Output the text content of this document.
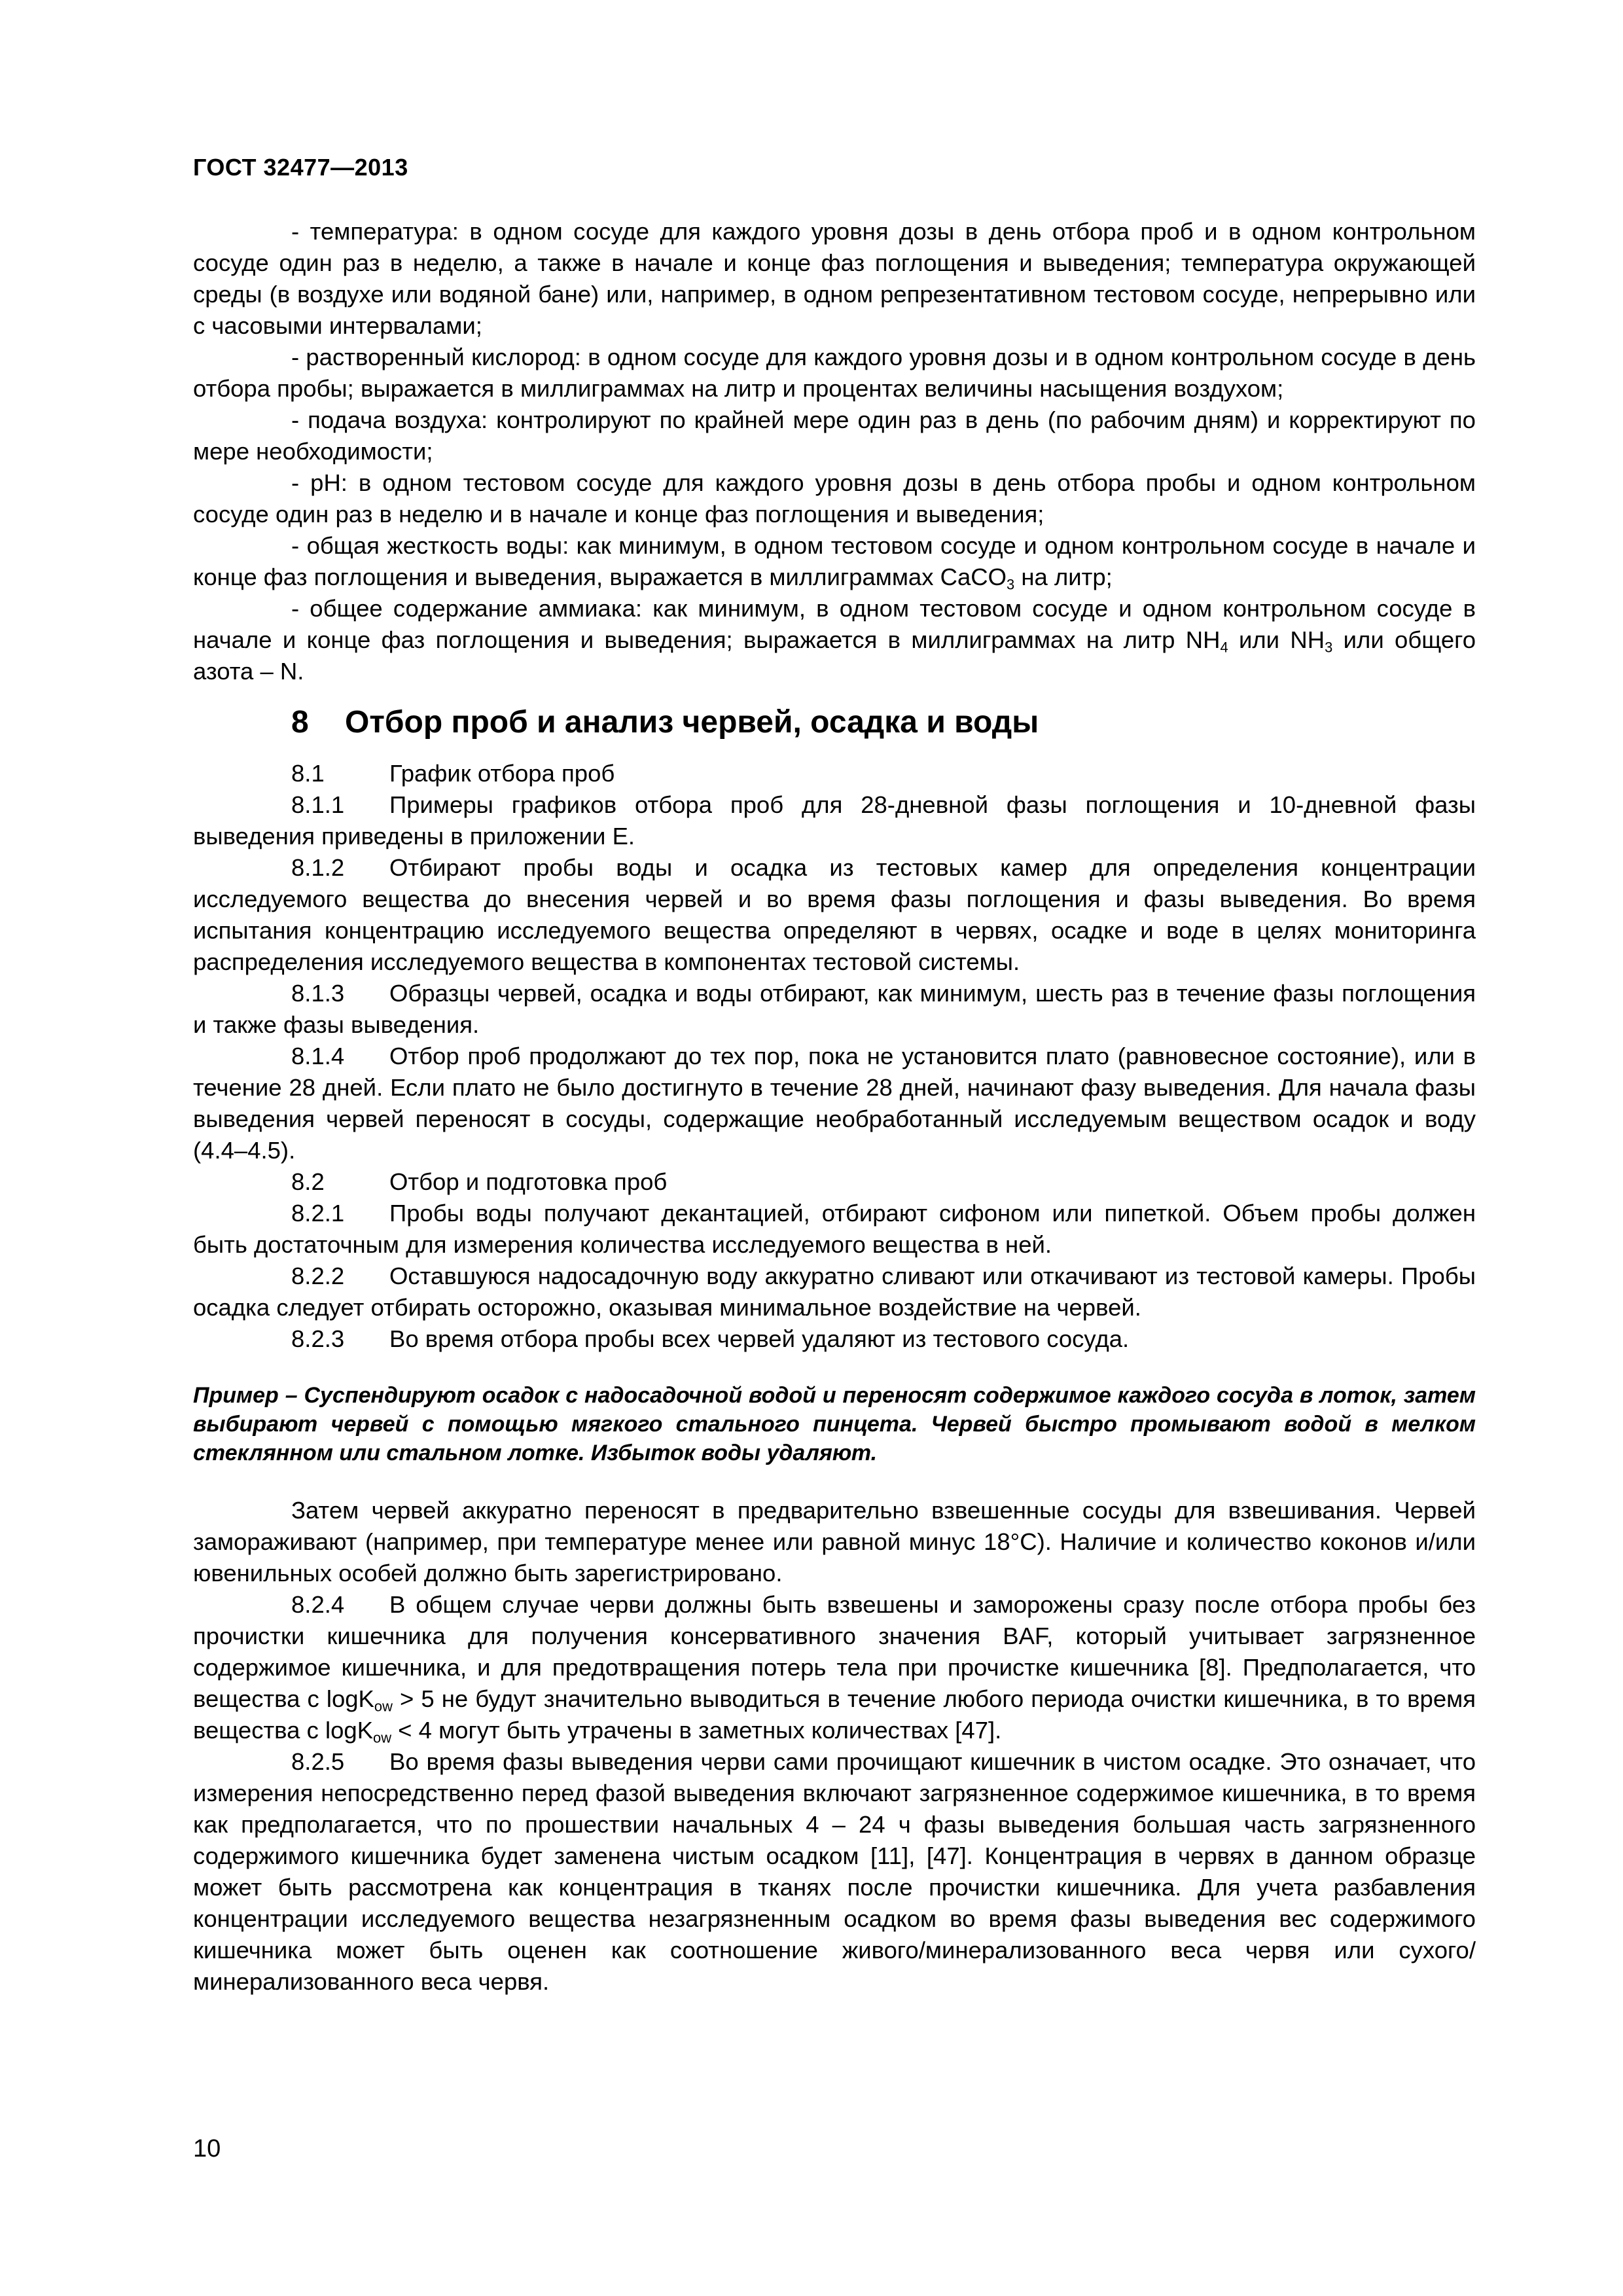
ГОСТ 32477—2013

- температура: в одном сосуде для каждого уровня дозы в день отбора проб и в одном контрольном сосуде один раз в неделю, а также в начале и конце фаз поглощения и выведения; температура окружающей среды (в воздухе или водяной бане) или, например, в одном репрезентативном тестовом сосуде, непрерывно или с часовыми интервалами;

- растворенный кислород: в одном сосуде для каждого уровня дозы и в одном контрольном сосуде в день отбора пробы; выражается в миллиграммах на литр и процентах величины насыщения воздухом;

- подача воздуха: контролируют по крайней мере один раз в день (по рабочим дням) и корректируют по мере необходимости;

- pH: в одном тестовом сосуде для каждого уровня дозы в день отбора пробы и одном контрольном сосуде один раз в неделю и в начале и конце фаз поглощения и выведения;

- общая жесткость воды: как минимум, в одном тестовом сосуде и одном контрольном сосуде в начале и конце фаз поглощения и выведения, выражается в миллиграммах CaCO$_3$ на литр;

- общее содержание аммиака: как минимум, в одном тестовом сосуде и одном контрольном сосуде в начале и конце фаз поглощения и выведения; выражается в миллиграммах на литр $NH_4$ или $NH_3$ или общего азота – N.

8 Отбор проб и анализ червей, осадка и воды

8.1	График отбора проб

8.1.1 Примеры графиков отбора проб для 28-дневной фазы поглощения и 10-дневной фазы выведения приведены в приложении Е.

8.1.2 Отбирают пробы воды и осадка из тестовых камер для определения концентрации исследуемого вещества до внесения червей и во время фазы поглощения и фазы выведения. Во время испытания концентрацию исследуемого вещества определяют в червях, осадке и воде в целях мониторинга распределения исследуемого вещества в компонентах тестовой системы.

8.1.3 Образцы червей, осадка и воды отбирают, как минимум, шесть раз в течение фазы поглощения и также фазы выведения.

8.1.4 Отбор проб продолжают до тех пор, пока не установится плато (равновесное состояние), или в течение 28 дней. Если плато не было достигнуто в течение 28 дней, начинают фазу выведения. Для начала фазы выведения червей переносят в сосуды, содержащие необработанный исследуемым веществом осадок и воду (4.4–4.5).

8.2	Отбор и подготовка проб

8.2.1 Пробы воды получают декантацией, отбирают сифоном или пипеткой. Объем пробы должен быть достаточным для измерения количества исследуемого вещества в ней.

8.2.2 Оставшуюся надосадочную воду аккуратно сливают или откачивают из тестовой камеры. Пробы осадка следует отбирать осторожно, оказывая минимальное воздействие на червей.

8.2.3 Во время отбора пробы всех червей удаляют из тестового сосуда.

Пример – Суспендируют осадок с надосадочной водой и переносят содержимое каждого сосуда в лоток, затем выбирают червей с помощью мягкого стального пинцета. Червей быстро промывают водой в мелком стеклянном или стальном лотке. Избыток воды удаляют.

Затем червей аккуратно переносят в предварительно взвешенные сосуды для взвешивания. Червей замораживают (например, при температуре менее или равной минус 18°С). Наличие и количество коконов и/или ювенильных особей должно быть зарегистрировано.

8.2.4 В общем случае черви должны быть взвешены и заморожены сразу после отбора пробы без прочистки кишечника для получения консервативного значения BAF, который учитывает загрязненное содержимое кишечника, и для предотвращения потерь тела при прочистке кишечника [8]. Предполагается, что вещества с logK$_{ow}$ > 5 не будут значительно выводиться в течение любого периода очистки кишечника, в то время вещества с logK$_{ow}$ < 4 могут быть утрачены в заметных количествах [47].

8.2.5 Во время фазы выведения черви сами прочищают кишечник в чистом осадке. Это означает, что измерения непосредственно перед фазой выведения включают загрязненное содержимое кишечника, в то время как предполагается, что по прошествии начальных 4 – 24 ч фазы выведения большая часть загрязненного содержимого кишечника будет заменена чистым осадком [11], [47]. Концентрация в червях в данном образце может быть рассмотрена как концентрация в тканях после прочистки кишечника. Для учета разбавления концентрации исследуемого вещества незагрязненным осадком во время фазы выведения вес содержимого кишечника может быть оценен как соотношение живого/минерализованного веса червя или сухого/минерализованного веса червя.

10
